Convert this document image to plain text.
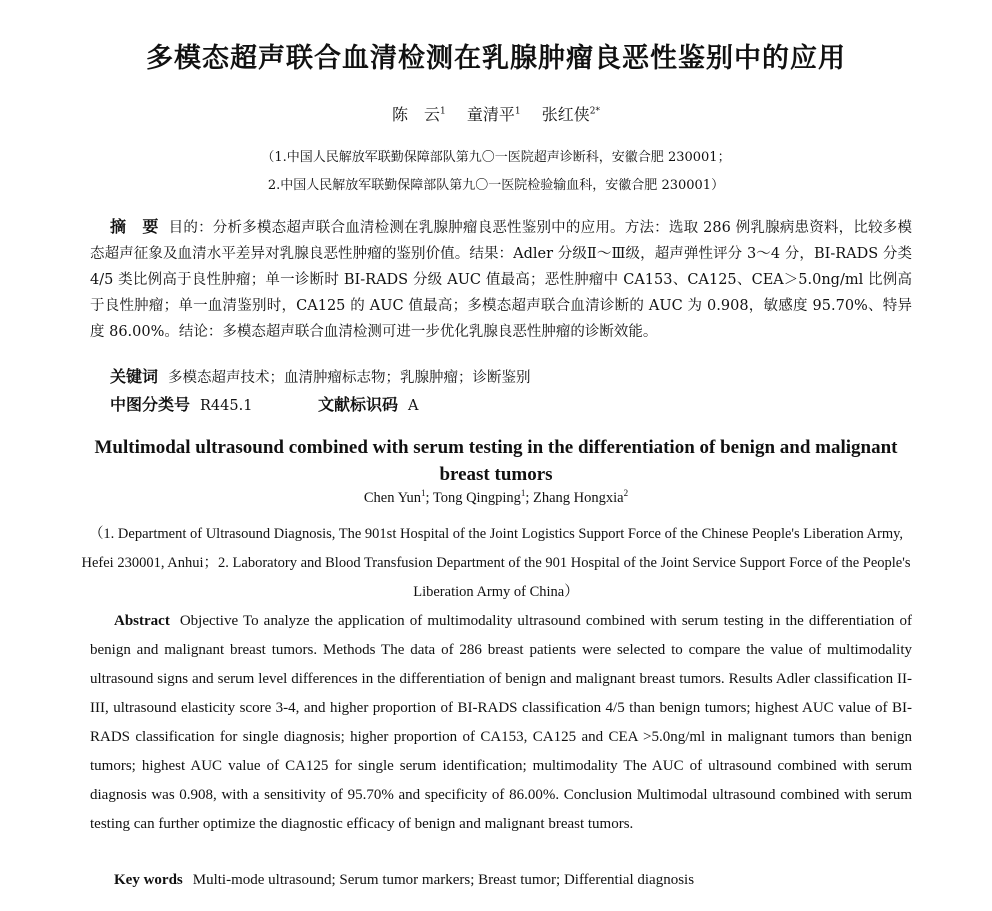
多模态超声联合血清检测在乳腺肿瘤良恶性鉴别中的应用
陈　云$^1$  童清平$^1$  张红侠$^{2*}$
（1.中国人民解放军联勤保障部队第九〇一医院超声诊断科，安徽合肥 230001；
2.中国人民解放军联勤保障部队第九〇一医院检验输血科，安徽合肥 230001）
摘　要 目的：分析多模态超声联合血清检测在乳腺肿瘤良恶性鉴别中的应用。方法：选取 286 例乳腺病患资料，比较多模态超声征象及血清水平差异对乳腺良恶性肿瘤的鉴别价值。结果：Adler 分级Ⅱ～Ⅲ级，超声弹性评分 3～4 分，BI-RADS 分类 4/5 类比例高于良性肿瘤；单一诊断时 BI-RADS 分级 AUC 值最高；恶性肿瘤中 CA153、CA125、CEA＞5.0ng/ml 比例高于良性肿瘤；单一血清鉴别时，CA125 的 AUC 值最高；多模态超声联合血清诊断的 AUC 为 0.908，敏感度 95.70%、特异度 86.00%。结论：多模态超声联合血清检测可进一步优化乳腺良恶性肿瘤的诊断效能。
关键词 多模态超声技术；血清肿瘤标志物；乳腺肿瘤；诊断鉴别
中图分类号 R445.1	文献标识码 A
Multimodal ultrasound combined with serum testing in the differentiation of benign and malignant breast tumors
Chen Yun$^1$; Tong Qingping$^1$; Zhang Hongxia$^2$
（1. Department of Ultrasound Diagnosis, The 901st Hospital of the Joint Logistics Support Force of the Chinese People's Liberation Army, Hefei 230001, Anhui；2. Laboratory and Blood Transfusion Department of the 901 Hospital of the Joint Service Support Force of the People's Liberation Army of China）
Abstract Objective To analyze the application of multimodality ultrasound combined with serum testing in the differentiation of benign and malignant breast tumors. Methods The data of 286 breast patients were selected to compare the value of multimodality ultrasound signs and serum level differences in the differentiation of benign and malignant breast tumors. Results Adler classification II-III, ultrasound elasticity score 3-4, and higher proportion of BI-RADS classification 4/5 than benign tumors; highest AUC value of BI-RADS classification for single diagnosis; higher proportion of CA153, CA125 and CEA >5.0ng/ml in malignant tumors than benign tumors; highest AUC value of CA125 for single serum identification; multimodality The AUC of ultrasound combined with serum diagnosis was 0.908, with a sensitivity of 95.70% and specificity of 86.00%. Conclusion Multimodal ultrasound combined with serum testing can further optimize the diagnostic efficacy of benign and malignant breast tumors.
Key words Multi-mode ultrasound; Serum tumor markers; Breast tumor; Differential diagnosis
